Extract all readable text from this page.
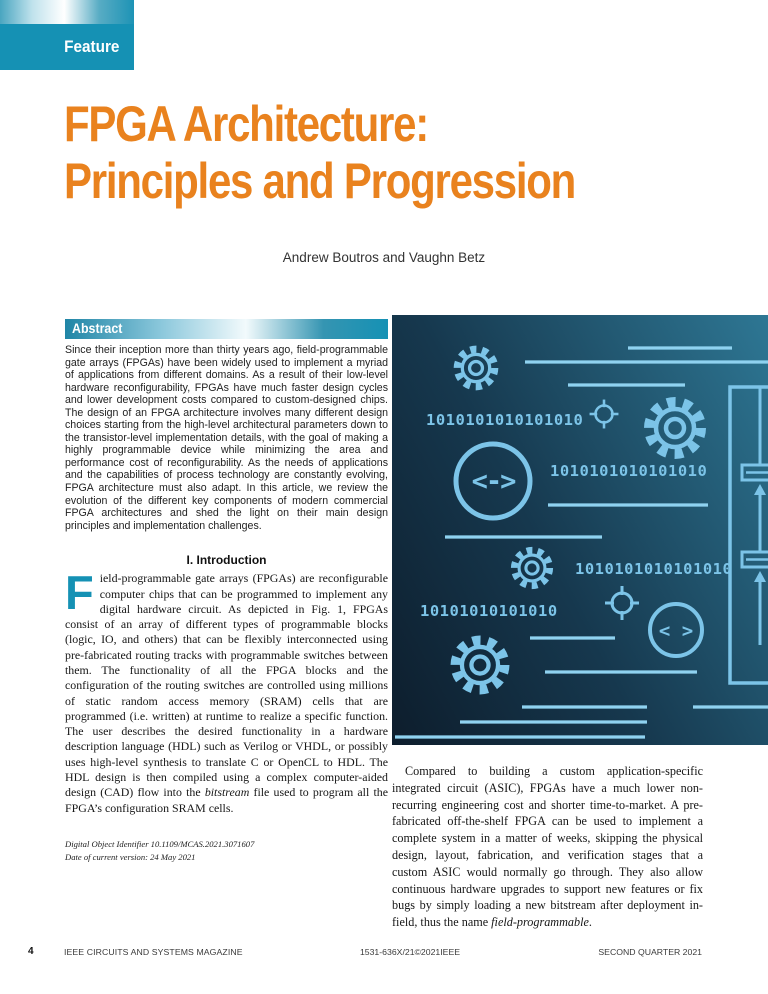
Feature
FPGA Architecture:
Principles and Progression
Andrew Boutros and Vaughn Betz
Abstract
Since their inception more than thirty years ago, field-programmable gate arrays (FPGAs) have been widely used to implement a myriad of applications from different domains. As a result of their low-level hardware reconfigurability, FPGAs have much faster design cycles and lower development costs compared to custom-designed chips. The design of an FPGA architecture involves many different design choices starting from the high-level architectural parameters down to the transistor-level implementation details, with the goal of making a highly programmable device while minimizing the area and performance cost of reconfigurability. As the needs of applications and the capabilities of process technology are constantly evolving, FPGA architecture must also adapt. In this article, we review the evolution of the different key components of modern commercial FPGA architectures and shed the light on their main design principles and implementation challenges.
I. Introduction
Field-programmable gate arrays (FPGAs) are reconfigurable computer chips that can be programmed to implement any digital hardware circuit. As depicted in Fig. 1, FPGAs consist of an array of different types of programmable blocks (logic, IO, and others) that can be flexibly interconnected using pre-fabricated routing tracks with programmable switches between them. The functionality of all the FPGA blocks and the configuration of the routing switches are controlled using millions of static random access memory (SRAM) cells that are programmed (i.e. written) at runtime to realize a specific function. The user describes the desired functionality in a hardware description language (HDL) such as Verilog or VHDL, or possibly uses high-level synthesis to translate C or OpenCL to HDL. The HDL design is then compiled using a complex computer-aided design (CAD) flow into the bitstream file used to program all the FPGA’s configuration SRAM cells.
Digital Object Identifier 10.1109/MCAS.2021.3071607
Date of current version: 24 May 2021
1010101010101010
1010101010101010
1010101010101010
10101010101010
<->
< >
Compared to building a custom application-specific integrated circuit (ASIC), FPGAs have a much lower non-recurring engineering cost and shorter time-to-market. A pre-fabricated off-the-shelf FPGA can be used to implement a complete system in a matter of weeks, skipping the physical design, layout, fabrication, and verification stages that a custom ASIC would normally go through. They also allow continuous hardware upgrades to support new features or fix bugs by simply loading a new bitstream after deployment in-field, thus the name field-programmable.
4	IEEE CIRCUITS AND SYSTEMS MAGAZINE	1531-636X/21©2021IEEE	SECOND QUARTER 2021
